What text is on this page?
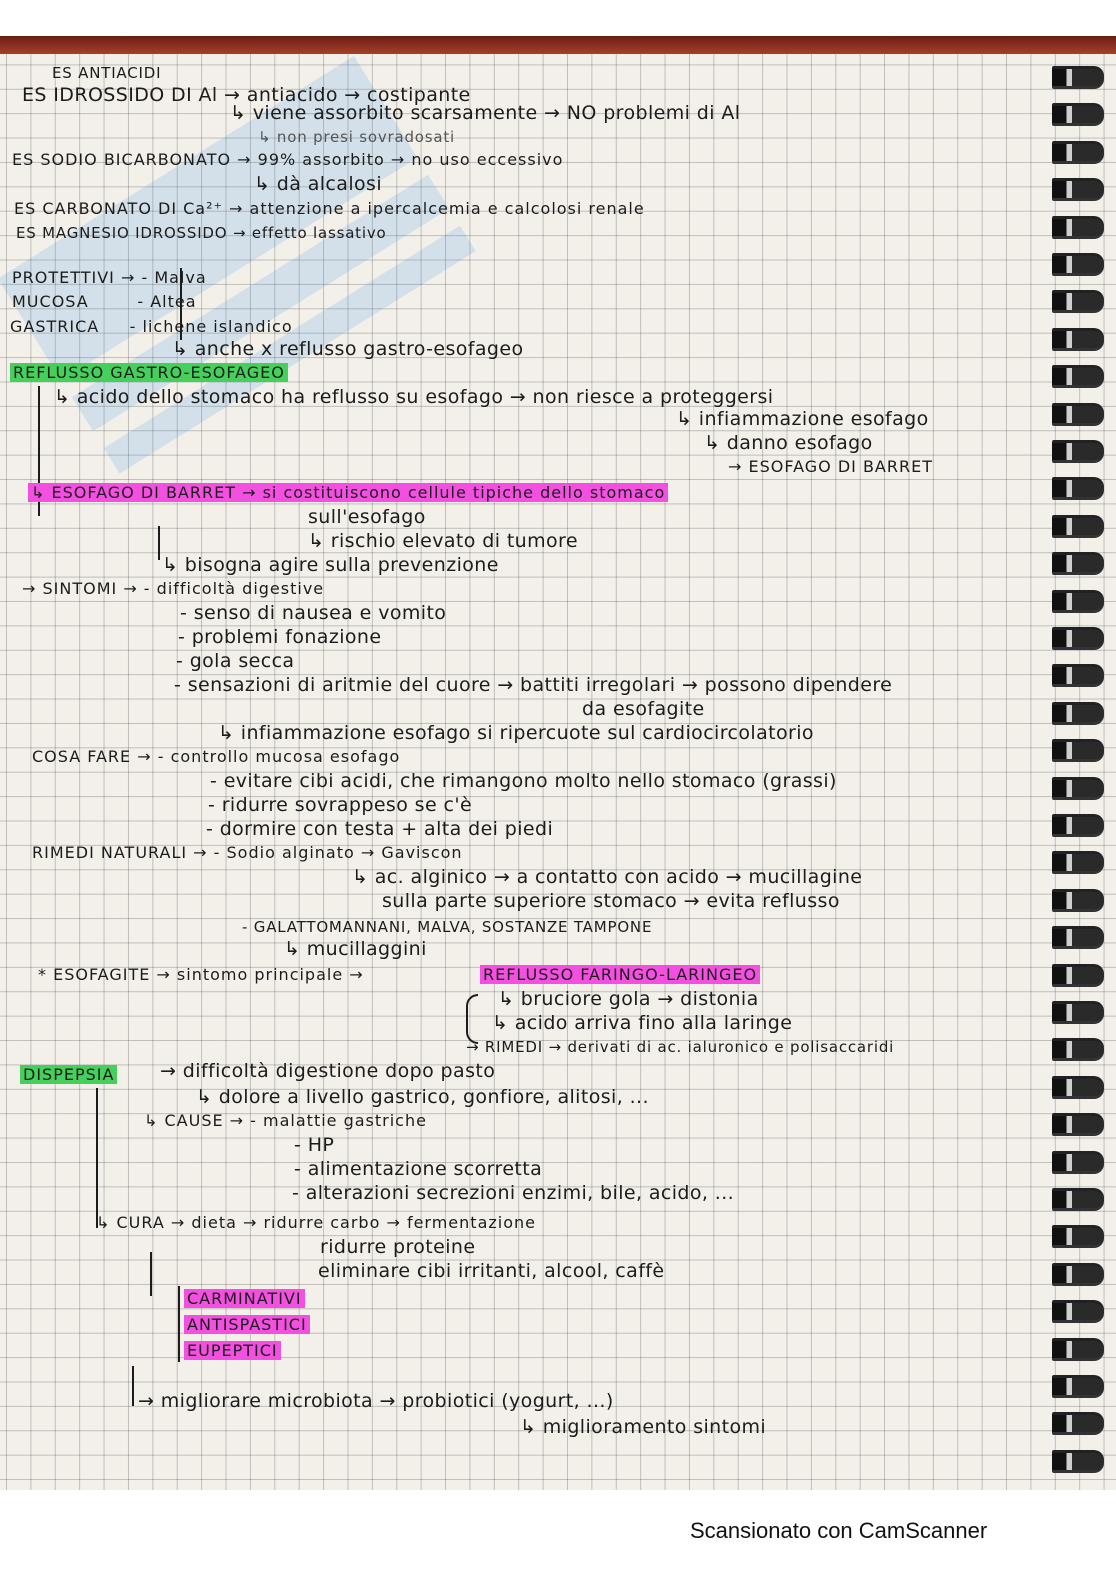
ES ANTIACIDI
ES IDROSSIDO DI Al → antiacido → costipante
↳ viene assorbito scarsamente → NO problemi di Al
↳ non presi sovradosati
ES SODIO BICARBONATO → 99% assorbito → no uso eccessivo
↳ dà alcalosi
ES CARBONATO DI Ca²⁺ → attenzione a ipercalcemia e calcolosi renale
ES MAGNESIO IDROSSIDO → effetto lassativo
PROTETTIVI → - Malva
MUCOSA        - Altea
GASTRICA     - lichene islandico
↳ anche x reflusso gastro-esofageo
REFLUSSO GASTRO-ESOFAGEO
↳ acido dello stomaco ha reflusso su esofago → non riesce a proteggersi
↳ infiammazione esofago
↳ danno esofago
→ ESOFAGO DI BARRET
↳ ESOFAGO DI BARRET → si costituiscono cellule tipiche dello stomaco
sull'esofago
↳ rischio elevato di tumore
↳ bisogna agire sulla prevenzione
→ SINTOMI → - difficoltà digestive
- senso di nausea e vomito
- problemi fonazione
- gola secca
- sensazioni di aritmie del cuore → battiti irregolari → possono dipendere
da esofagite
↳ infiammazione esofago si ripercuote sul cardiocircolatorio
COSA FARE → - controllo mucosa esofago
- evitare cibi acidi, che rimangono molto nello stomaco (grassi)
- ridurre sovrappeso se c'è
- dormire con testa + alta dei piedi
RIMEDI NATURALI → - Sodio alginato → Gaviscon
↳ ac. alginico → a contatto con acido → mucillagine
sulla parte superiore stomaco → evita reflusso
- GALATTOMANNANI, MALVA, SOSTANZE TAMPONE
↳ mucillaggini
* ESOFAGITE → sintomo principale →	REFLUSSO FARINGO-LARINGEO
↳ bruciore gola → distonia
↳ acido arriva fino alla laringe
→ RIMEDI → derivati di ac. ialuronico e polisaccaridi
DISPEPSIA → difficoltà digestione dopo pasto
↳ dolore a livello gastrico, gonfiore, alitosi, ...
↳ CAUSE → - malattie gastriche
- HP
- alimentazione scorretta
- alterazioni secrezioni enzimi, bile, acido, ...
↳ CURA → dieta → ridurre carbo → fermentazione
ridurre proteine
eliminare cibi irritanti, alcool, caffè
CARMINATIVI
ANTISPASTICI
EUPEPTICI
→ migliorare microbiota → probiotici (yogurt, ...)
↳ miglioramento sintomi
Scansionato con CamScanner
